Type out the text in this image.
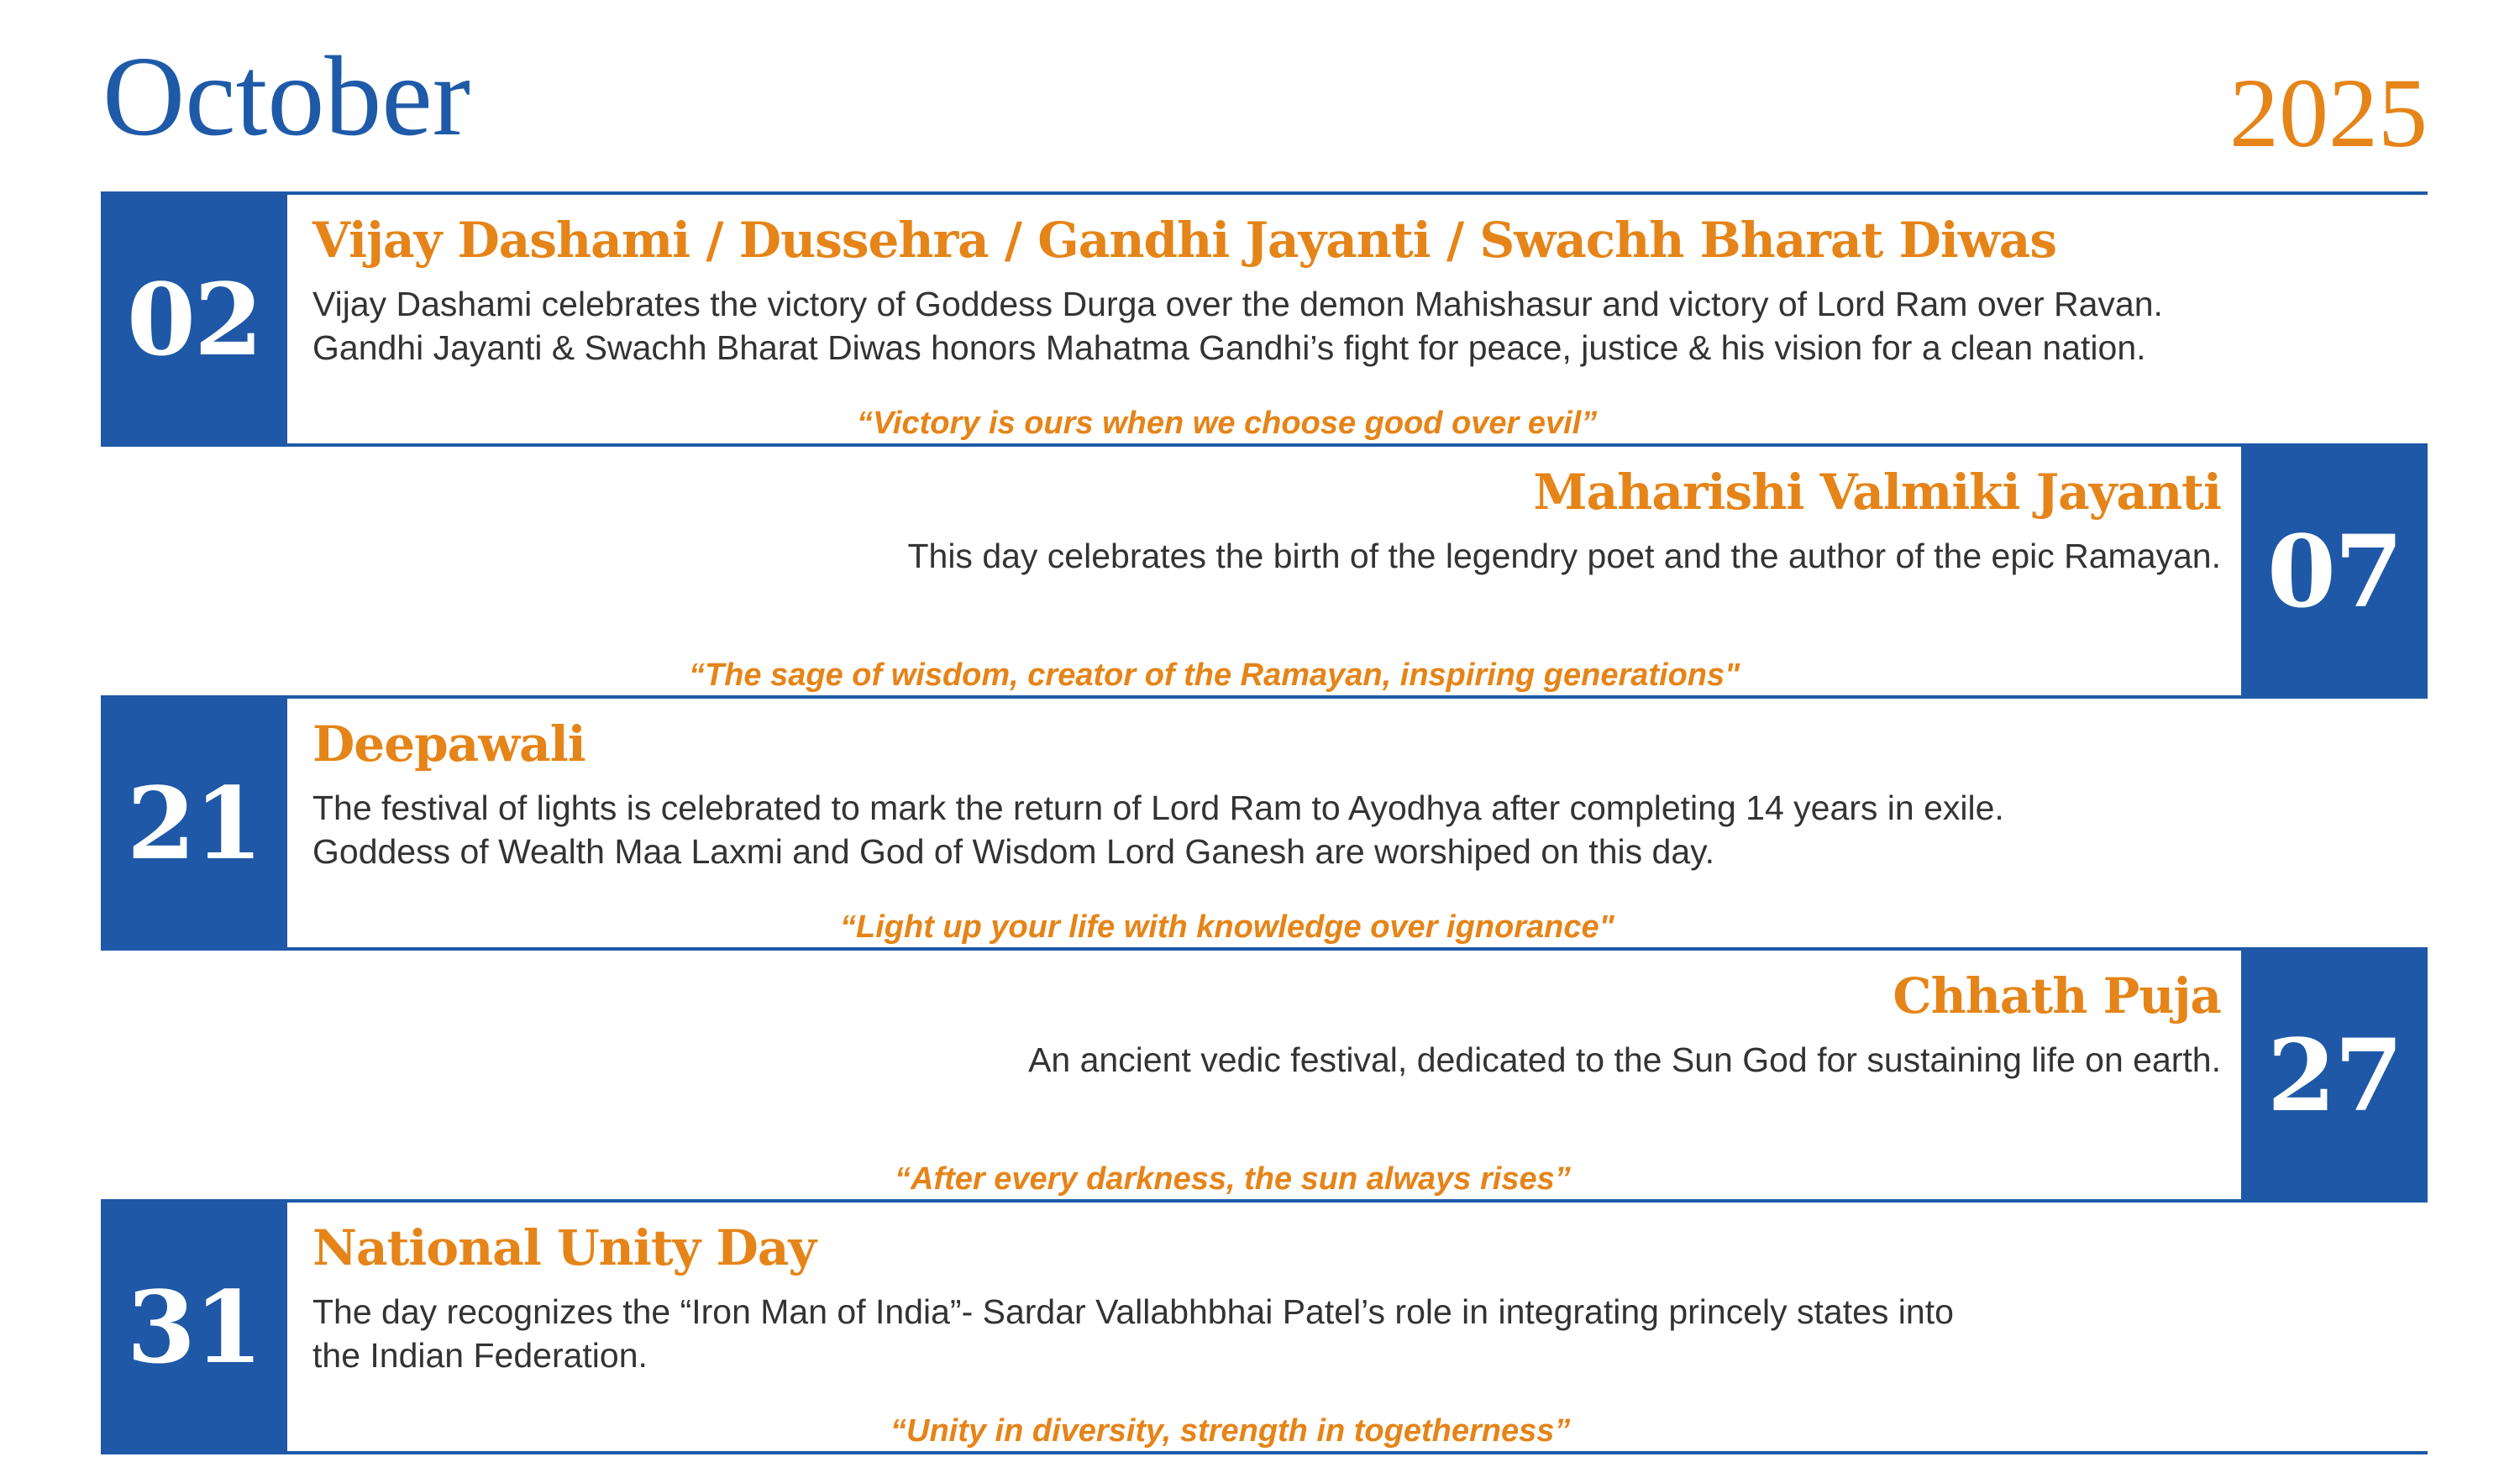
October	2025
02
Vijay Dashami / Dussehra / Gandhi Jayanti / Swachh Bharat Diwas
Vijay Dashami celebrates the victory of Goddess Durga over the demon Mahishasur and victory of Lord Ram over Ravan.
Gandhi Jayanti & Swachh Bharat Diwas honors Mahatma Gandhi’s fight for peace, justice & his vision for a clean nation.
“Victory is ours when we choose good over evil”
07
Maharishi Valmiki Jayanti
This day celebrates the birth of the legendry poet and the author of the epic Ramayan.
“The sage of wisdom, creator of the Ramayan, inspiring generations"
21
Deepawali
The festival of lights is celebrated to mark the return of Lord Ram to Ayodhya after completing 14 years in exile.
Goddess of Wealth Maa Laxmi and God of Wisdom Lord Ganesh are worshiped on this day.
“Light up your life with knowledge over ignorance"
27
Chhath Puja
An ancient vedic festival, dedicated to the Sun God for sustaining life on earth.
“After every darkness, the sun always rises”
31
National Unity Day
The day recognizes the “Iron Man of India”- Sardar Vallabhbhai Patel’s role in integrating princely states into
the Indian Federation.
“Unity in diversity, strength in togetherness”
